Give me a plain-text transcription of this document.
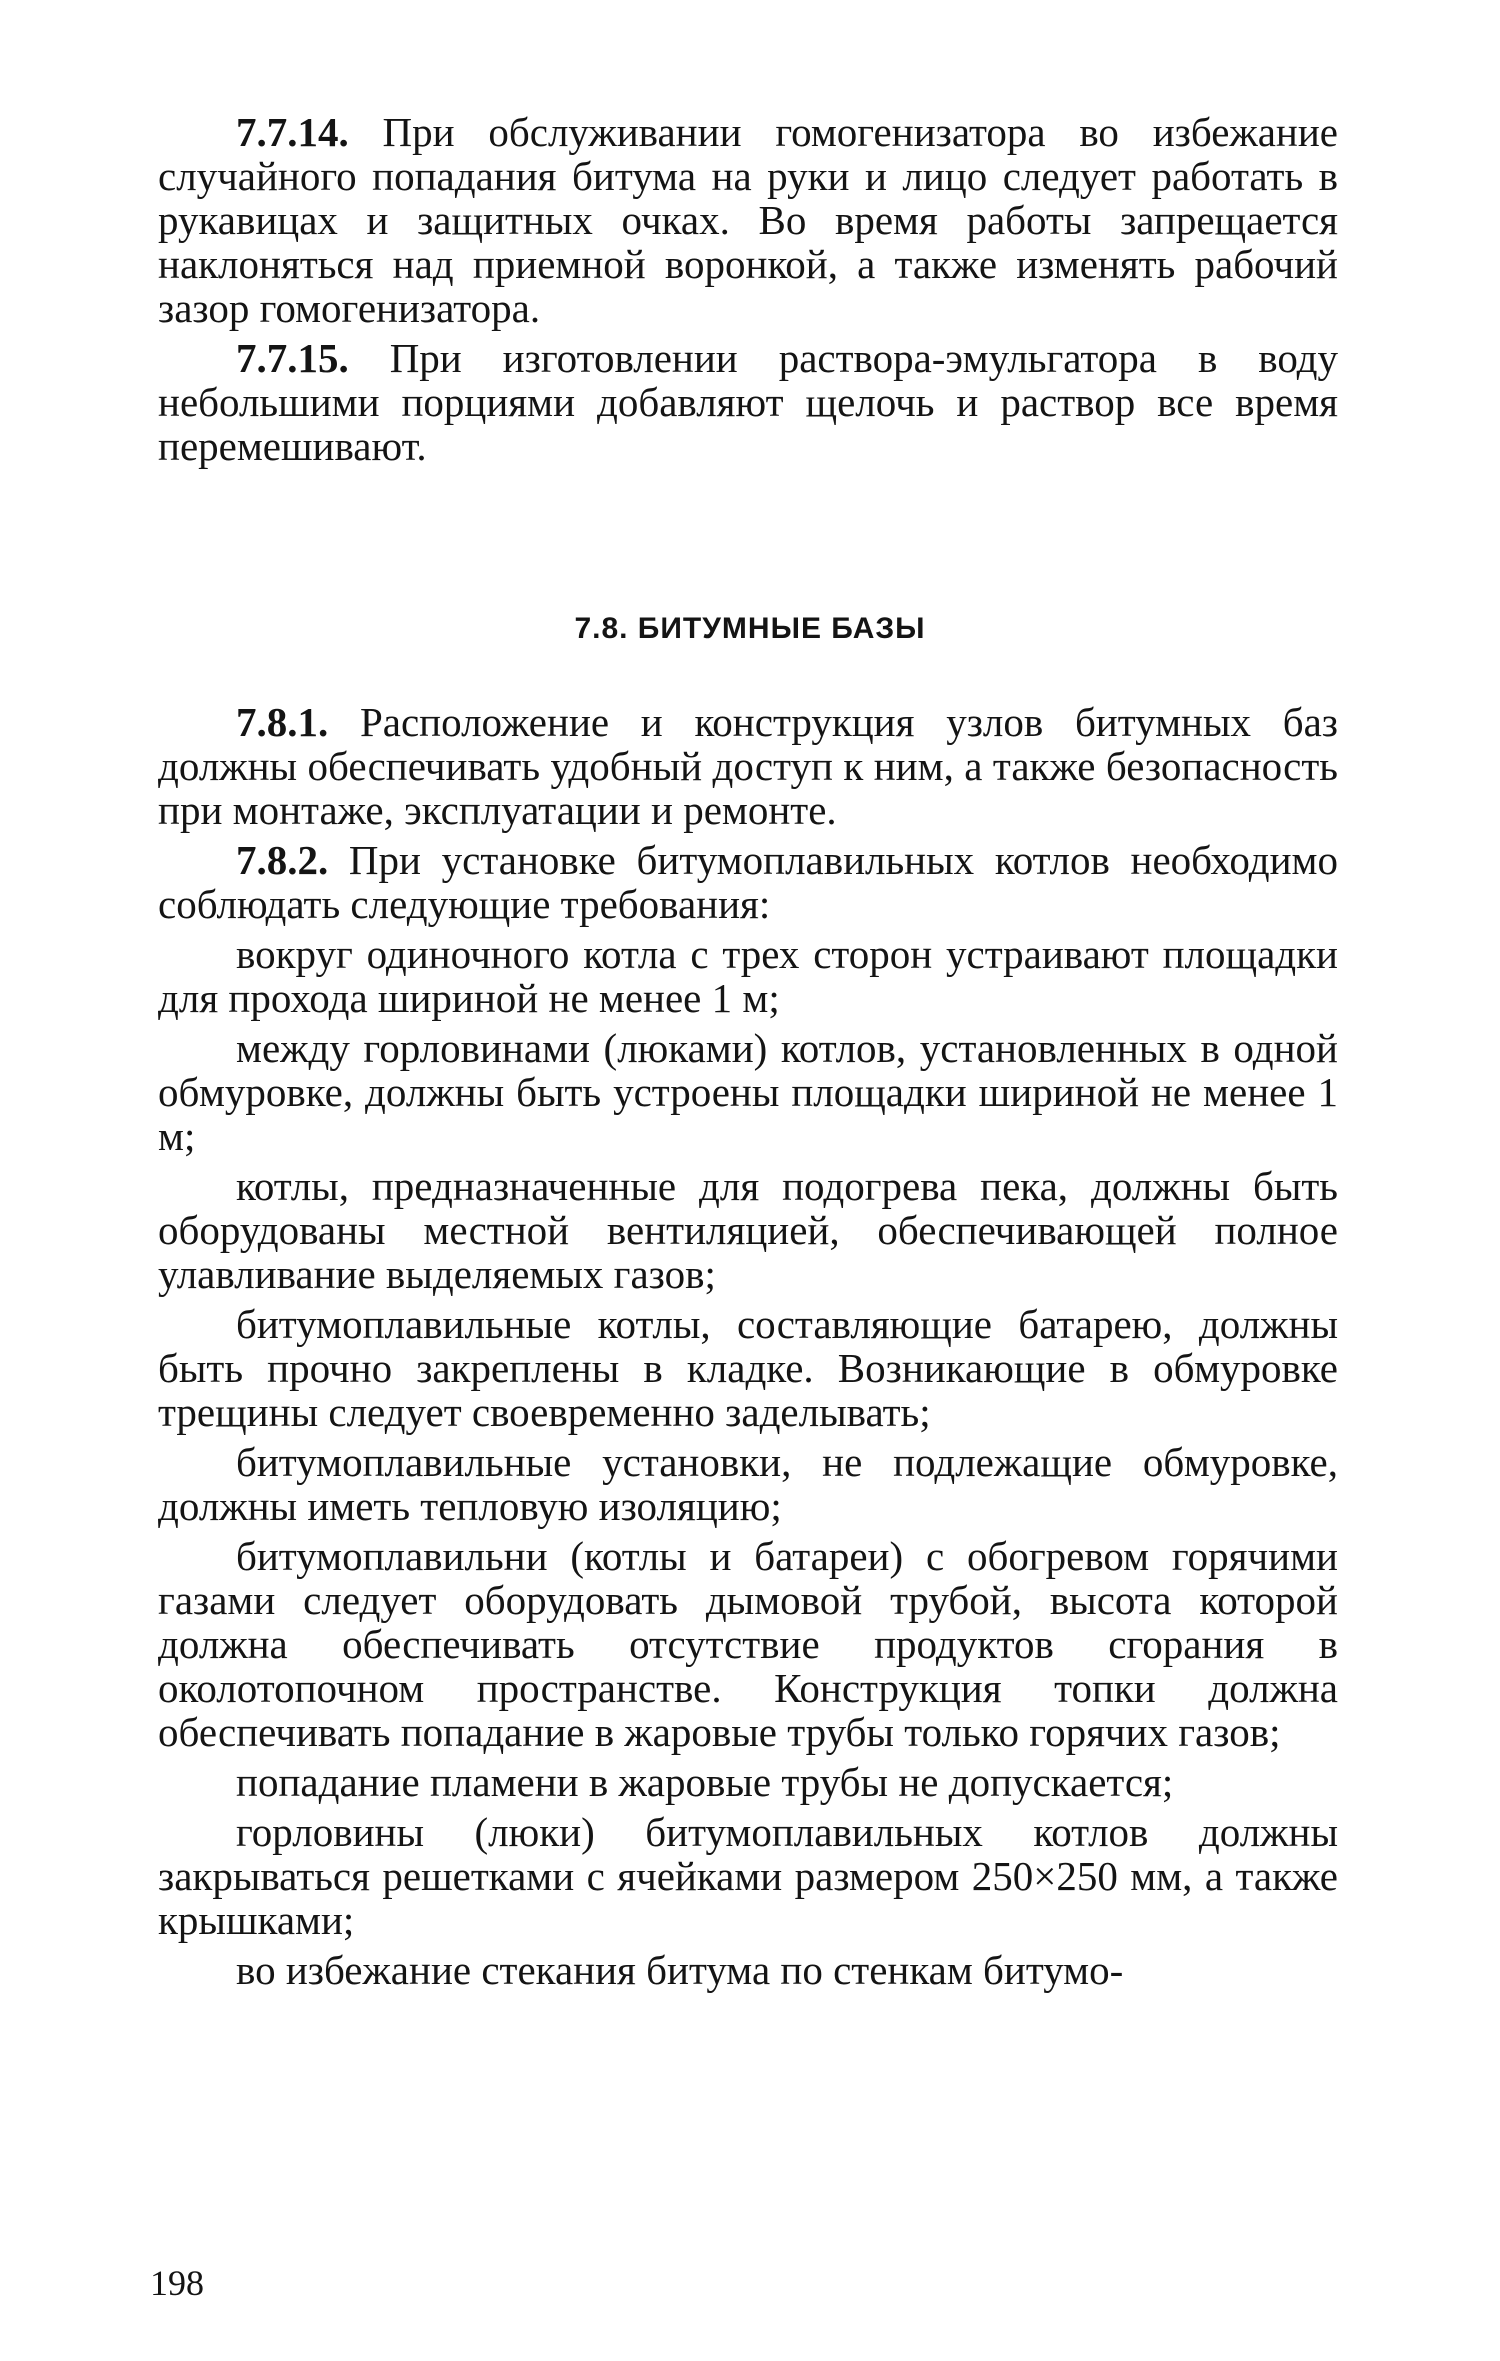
7.7.14. При обслуживании гомогенизатора во избежание случайного попадания битума на руки и лицо следует работать в рукавицах и защитных очках. Во время работы запрещается наклоняться над приемной воронкой, а также изменять рабочий зазор гомогенизатора.

7.7.15. При изготовлении раствора-эмульгатора в воду небольшими порциями добавляют щелочь и раствор все время перемешивают.

7.8. БИТУМНЫЕ БАЗЫ

7.8.1. Расположение и конструкция узлов битумных баз должны обеспечивать удобный доступ к ним, а также безопасность при монтаже, эксплуатации и ремонте.

7.8.2. При установке битумоплавильных котлов необходимо соблюдать следующие требования:

вокруг одиночного котла с трех сторон устраивают площадки для прохода шириной не менее 1 м;

между горловинами (люками) котлов, установленных в одной обмуровке, должны быть устроены площадки шириной не менее 1 м;

котлы, предназначенные для подогрева пека, должны быть оборудованы местной вентиляцией, обеспечивающей полное улавливание выделяемых газов;

битумоплавильные котлы, составляющие батарею, должны быть прочно закреплены в кладке. Возникающие в обмуровке трещины следует своевременно заделывать;

битумоплавильные установки, не подлежащие обмуровке, должны иметь тепловую изоляцию;

битумоплавильни (котлы и батареи) с обогревом горячими газами следует оборудовать дымовой трубой, высота которой должна обеспечивать отсутствие продуктов сгорания в околотопочном пространстве. Конструкция топки должна обеспечивать попадание в жаровые трубы только горячих газов;

попадание пламени в жаровые трубы не допускается;

горловины (люки) битумоплавильных котлов должны закрываться решетками с ячейками размером 250×250 мм, а также крышками;

во избежание стекания битума по стенкам битумо-

198
